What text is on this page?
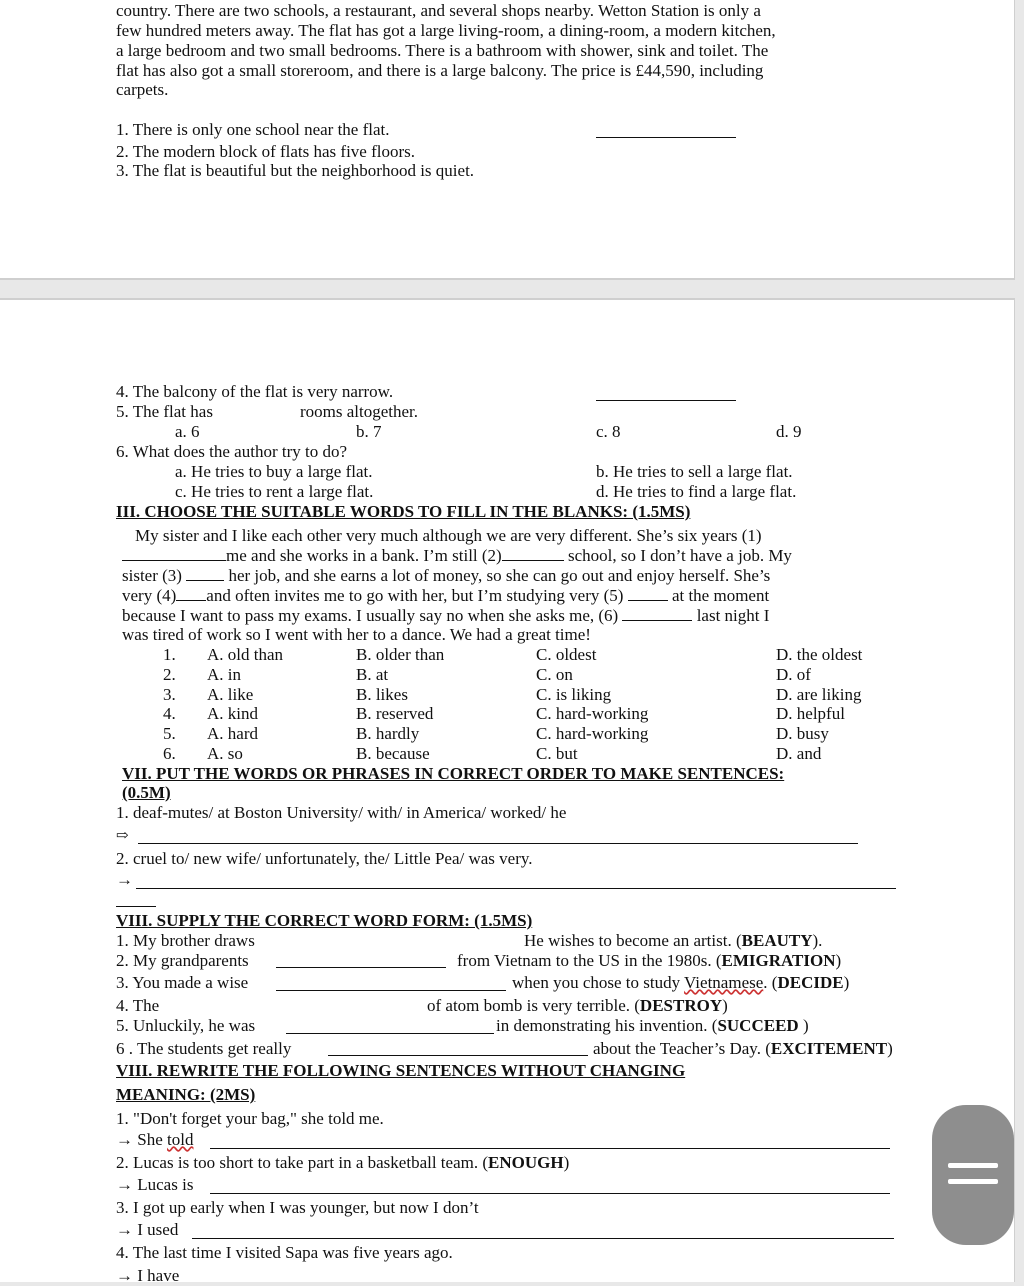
country. There are two schools, a restaurant, and several shops nearby. Wetton Station is only a
few hundred meters away. The flat has got a large living-room, a dining-room, a modern kitchen,
a large bedroom and two small bedrooms. There is a bathroom with shower, sink and toilet. The
flat has also got a small storeroom, and there is a large balcony. The price is £44,590, including
carpets.
1. There is only one school near the flat.
2. The modern block of flats has five floors.
3. The flat is beautiful but the neighborhood is quiet.
4. The balcony of the flat is very narrow.
5. The flat has	rooms altogether.
a. 6	b. 7	c. 8	d. 9
6. What does the author try to do?
a. He tries to buy a large flat.	b. He tries to sell a large flat.
c. He tries to rent a large flat.	d. He tries to find a large flat.
III. CHOOSE THE SUITABLE WORDS TO FILL IN THE BLANKS: (1.5MS)
My sister and I like each other very much although we are very different. She’s six years (1)
me and she works in a bank. I’m still (2)	school, so I don’t have a job. My
sister (3)	her job, and she earns a lot of money, so she can go out and enjoy herself. She’s
very (4) and often invites me to go with her, but I’m studying very (5)	at the moment
because I want to pass my exams. I usually say no when she asks me, (6)	last night I
was tired of work so I went with her to a dance. We had a great time!
1. A. old than	B. older than	C. oldest	D. the oldest
2. A. in	B. at	C. on	D. of
3. A. like	B. likes	C. is liking	D. are liking
4. A. kind	B. reserved	C. hard-working	D. helpful
5. A. hard	B. hardly	C. hard-working	D. busy
6. A. so	B. because	C. but	D. and
VII. PUT THE WORDS OR PHRASES IN CORRECT ORDER TO MAKE SENTENCES:
(0.5M)
1. deaf-mutes/ at Boston University/ with/ in America/ worked/ he
⇨
2. cruel to/ new wife/ unfortunately, the/ Little Pea/ was very.
→
VIII. SUPPLY THE CORRECT WORD FORM: (1.5MS)
1. My brother draws	He wishes to become an artist. (BEAUTY).
2. My grandparents	from Vietnam to the US in the 1980s. (EMIGRATION)
3. You made a wise	when you chose to study Vietnamese. (DECIDE)
4. The	of atom bomb is very terrible. (DESTROY)
5. Unluckily, he was	in demonstrating his invention. (SUCCEED )
6 . The students get really	about the Teacher’s Day. (EXCITEMENT)
VIII. REWRITE THE FOLLOWING SENTENCES WITHOUT CHANGING
MEANING: (2MS)
1. "Don't forget your bag," she told me.
→ She told
2. Lucas is too short to take part in a basketball team. (ENOUGH)
→ Lucas is
3. I got up early when I was younger, but now I don’t
→ I used
4. The last time I visited Sapa was five years ago.
→ I have
